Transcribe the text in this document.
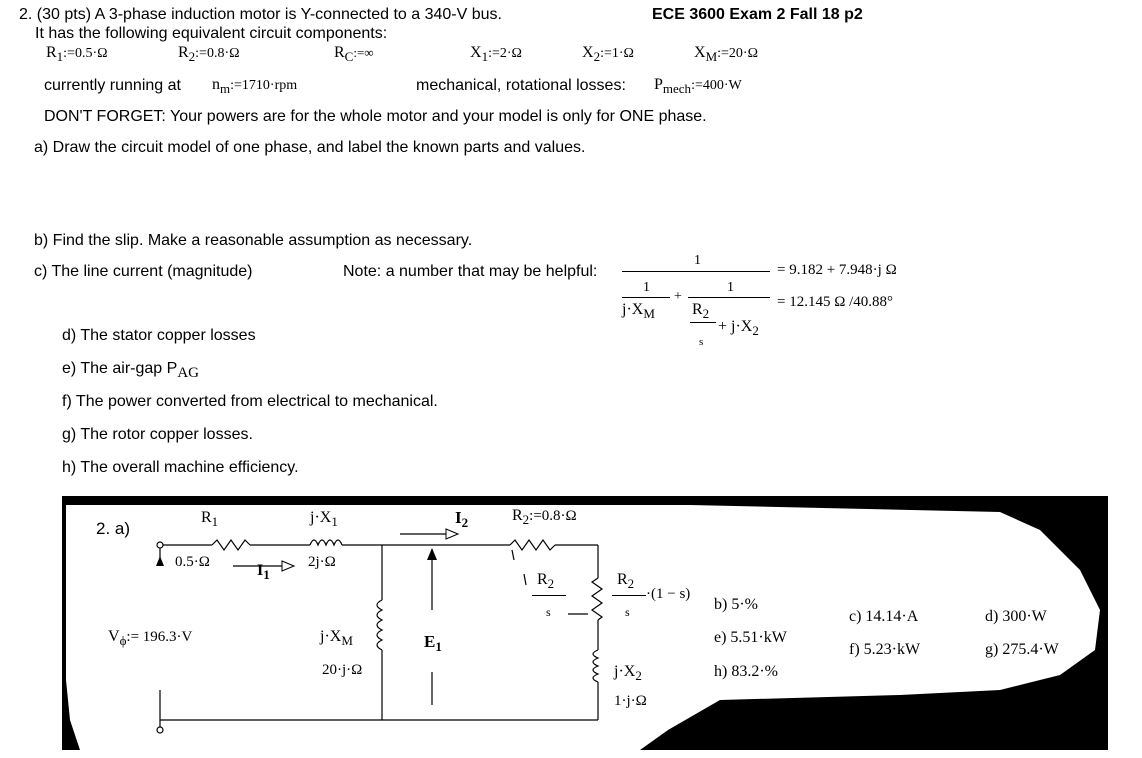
2. (30 pts) A 3-phase induction motor is Y-connected to a 340-V bus.	ECE 3600 Exam 2 Fall 18 p2
It has the following equivalent circuit components:
$R_1:=0.5\cdot\Omega$	$R_2:=0.8\cdot\Omega$	$R_C:=\infty$	$X_1:=2\cdot\Omega$	$X_2:=1\cdot\Omega$	$X_M:=20\cdot\Omega$
currently running at $n_m:=1710\cdot rpm$	mechanical, rotational losses: $P_{mech}:=400\cdot W$
DON'T FORGET: Your powers are for the whole motor and your model is only for ONE phase.
a) Draw the circuit model of one phase, and label the known parts and values.
b) Find the slip. Make a reasonable assumption as necessary.
c) The line current (magnitude)	Note: a number that may be helpful:
1
1
$j\cdot X_M$
+
1
$R_2$
s
+ $j\cdot X_2$
= 9.182 + 7.948·j Ω
= 12.145 Ω /40.88°
d) The stator copper losses
e) The air-gap $P_{AG}$
f) The power converted from electrical to mechanical.
g) The rotor copper losses.
h) The overall machine efficiency.
2. a)
$R_1$
0.5·Ω
$j\cdot X_1$
2j·Ω
$I_1$
$I_2$	$R_2:=0.8\cdot\Omega$
$R_2$
s
$R_2$
s
·(1 − s)
$V_\phi:= 196.3\cdot V$	$j\cdot X_M$
20·j·Ω
$E_1$
$j\cdot X_2$
1·j·Ω
b) 5·%
c) 14.14·A	d) 300·W
e) 5.51·kW
f) 5.23·kW	g) 275.4·W
h) 83.2·%
